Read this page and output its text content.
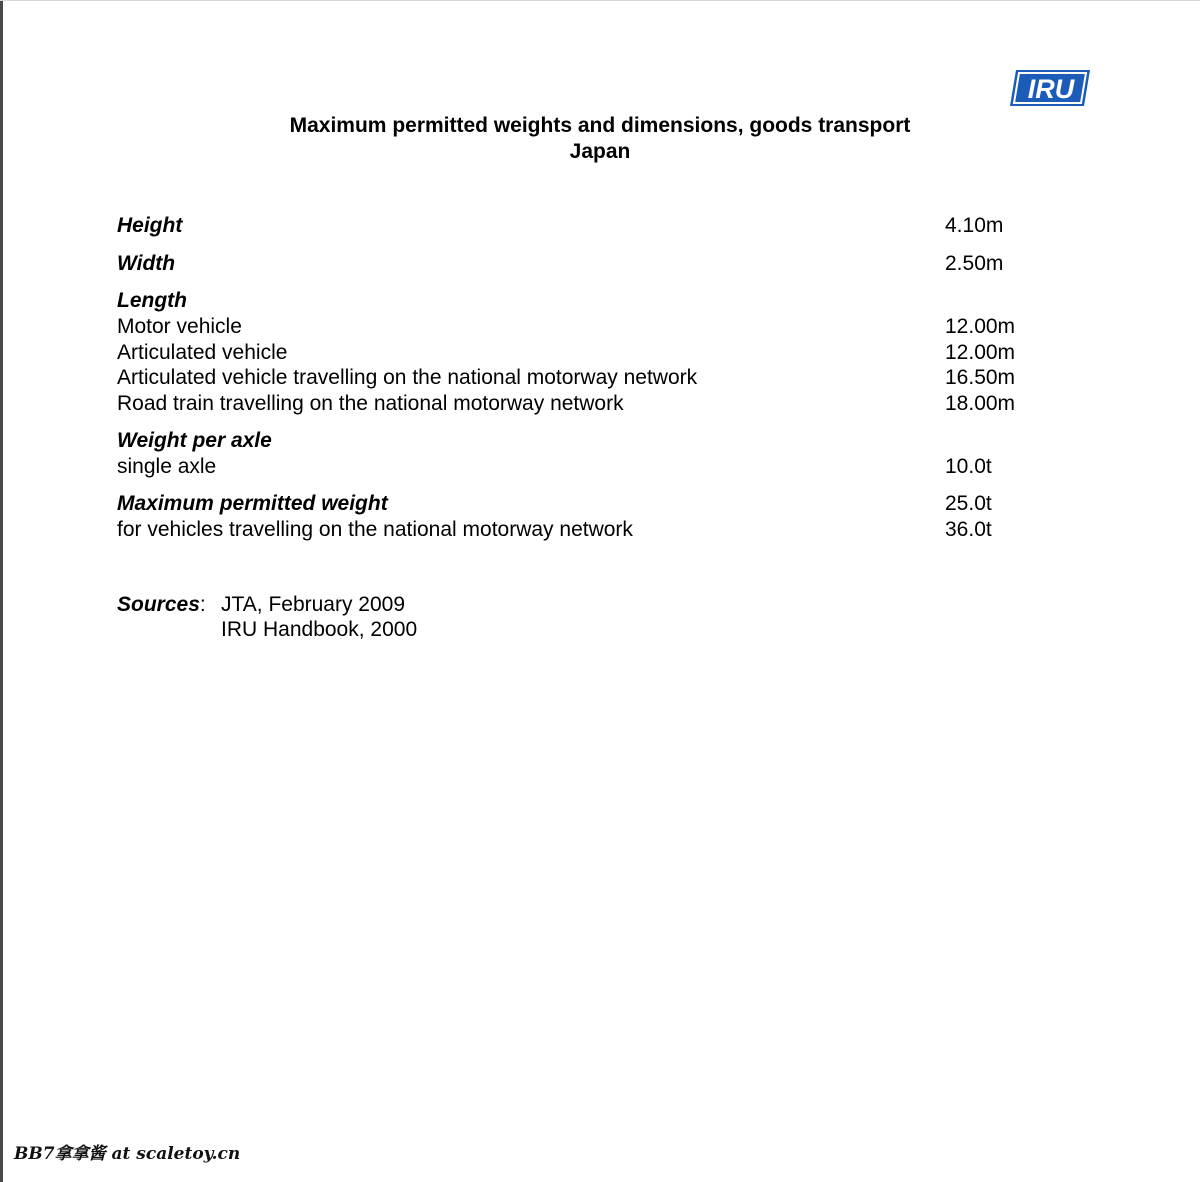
IRU
Maximum permitted weights and dimensions, goods transport
Japan
Height	4.10m
Width	2.50m
Length
Motor vehicle	12.00m
Articulated vehicle	12.00m
Articulated vehicle travelling on the national motorway network	16.50m
Road train travelling on the national motorway network	18.00m
Weight per axle
single axle	10.0t
Maximum permitted weight	25.0t
for vehicles travelling on the national motorway network	36.0t
Sources: JTA, February 2009
IRU Handbook, 2000
BB7拿拿酱 at scaletoy.cn
